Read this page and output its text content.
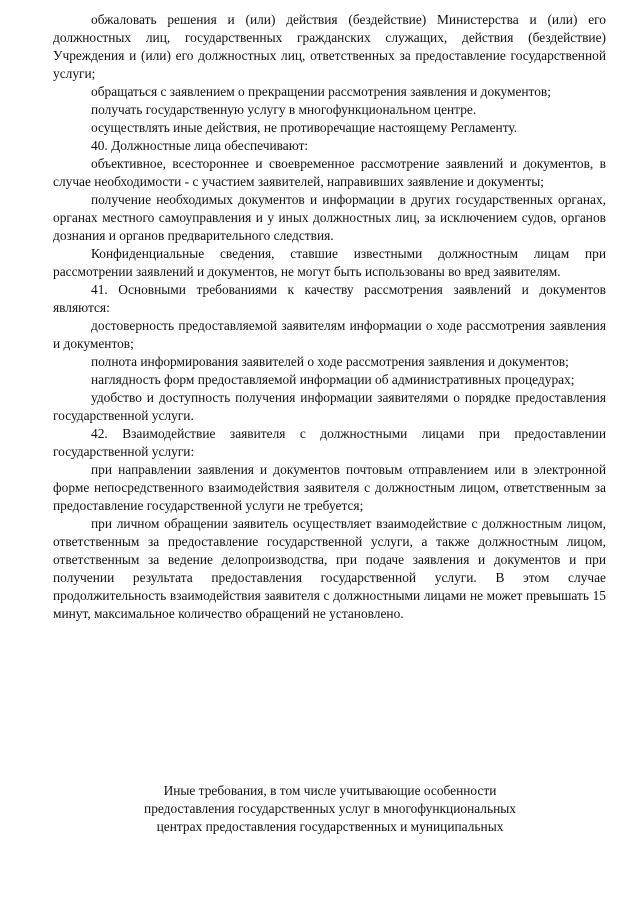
обжаловать решения и (или) действия (бездействие) Министерства и (или) его должностных лиц, государственных гражданских служащих, действия (бездействие) Учреждения и (или) его должностных лиц, ответственных за предоставление государственной услуги;

обращаться с заявлением о прекращении рассмотрения заявления и документов;

получать государственную услугу в многофункциональном центре.

осуществлять иные действия, не противоречащие настоящему Регламенту.

40. Должностные лица обеспечивают:

объективное, всестороннее и своевременное рассмотрение заявлений и документов, в случае необходимости - с участием заявителей, направивших заявление и документы;

получение необходимых документов и информации в других государственных органах, органах местного самоуправления и у иных должностных лиц, за исключением судов, органов дознания и органов предварительного следствия.

Конфиденциальные сведения, ставшие известными должностным лицам при рассмотрении заявлений и документов, не могут быть использованы во вред заявителям.

41. Основными требованиями к качеству рассмотрения заявлений и документов являются:

достоверность предоставляемой заявителям информации о ходе рассмотрения заявления и документов;

полнота информирования заявителей о ходе рассмотрения заявления и документов;

наглядность форм предоставляемой информации об административных процедурах;

удобство и доступность получения информации заявителями о порядке предоставления государственной услуги.

42. Взаимодействие заявителя с должностными лицами при предоставлении государственной услуги:

при направлении заявления и документов почтовым отправлением или в электронной форме непосредственного взаимодействия заявителя с должностным лицом, ответственным за предоставление государственной услуги не требуется;

при личном обращении заявитель осуществляет взаимодействие с должностным лицом, ответственным за предоставление государственной услуги, а также должностным лицом, ответственным за ведение делопроизводства, при подаче заявления и документов и при получении результата предоставления государственной услуги. В этом случае продолжительность взаимодействия заявителя с должностными лицами не может превышать 15 минут, максимальное количество обращений не установлено.

Иные требования, в том числе учитывающие особенности
предоставления государственных услуг в многофункциональных
центрах предоставления государственных и муниципальных
